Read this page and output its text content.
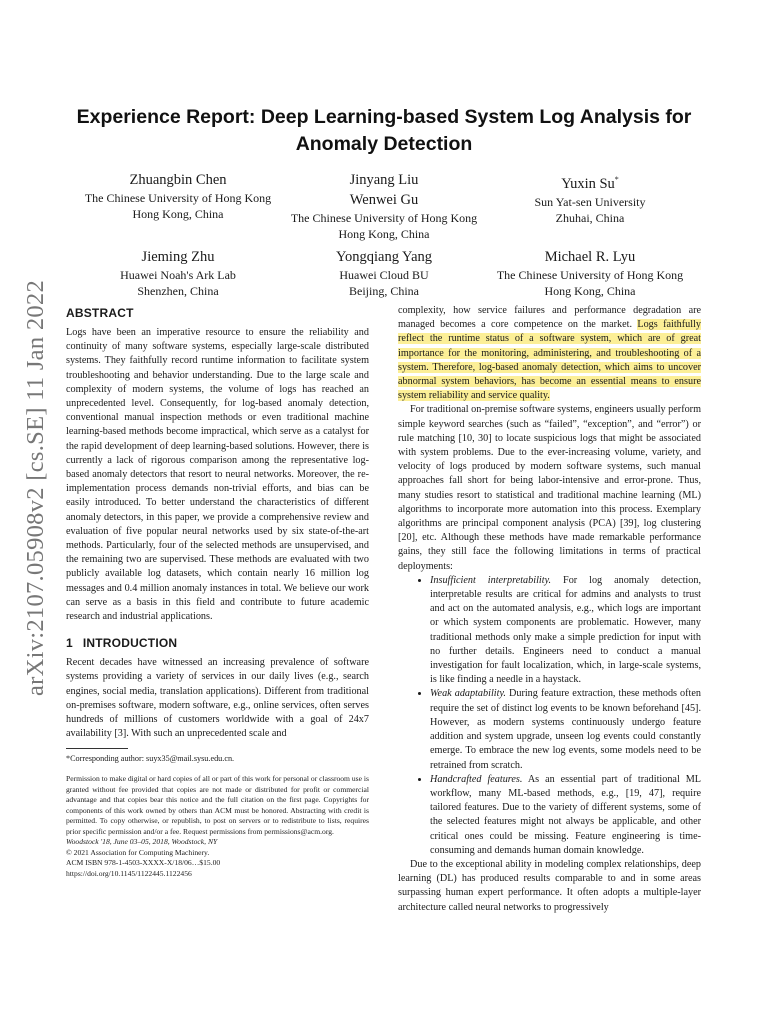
arXiv:2107.05908v2 [cs.SE] 11 Jan 2022
Experience Report: Deep Learning-based System Log Analysis for Anomaly Detection
Zhuangbin Chen
The Chinese University of Hong Kong
Hong Kong, China
Jinyang Liu
Wenwei Gu
The Chinese University of Hong Kong
Hong Kong, China
Yuxin Su*
Sun Yat-sen University
Zhuhai, China
Jieming Zhu
Huawei Noah's Ark Lab
Shenzhen, China
Yongqiang Yang
Huawei Cloud BU
Beijing, China
Michael R. Lyu
The Chinese University of Hong Kong
Hong Kong, China
ABSTRACT

Logs have been an imperative resource to ensure the reliability and continuity of many software systems, especially large-scale distributed systems. They faithfully record runtime information to facilitate system troubleshooting and behavior understanding. Due to the large scale and complexity of modern systems, the volume of logs has reached an unprecedented level. Consequently, for log-based anomaly detection, conventional manual inspection methods or even traditional machine learning-based methods become impractical, which serve as a catalyst for the rapid development of deep learning-based solutions. However, there is currently a lack of rigorous comparison among the representative log-based anomaly detectors that resort to neural networks. Moreover, the re-implementation process demands non-trivial efforts, and bias can be easily introduced. To better understand the characteristics of different anomaly detectors, in this paper, we provide a comprehensive review and evaluation of five popular neural networks used by six state-of-the-art methods. Particularly, four of the selected methods are unsupervised, and the remaining two are supervised. These methods are evaluated with two publicly available log datasets, which contain nearly 16 million log messages and 0.4 million anomaly instances in total. We believe our work can serve as a basis in this field and contribute to future academic research and industrial applications.

1 INTRODUCTION

Recent decades have witnessed an increasing prevalence of software systems providing a variety of services in our daily lives (e.g., search engines, social media, translation applications). Different from traditional on-premises software, modern software, e.g., online services, often serves hundreds of millions of customers worldwide with a goal of 24x7 availability [3]. With such an unprecedented scale and

*Corresponding author: suyx35@mail.sysu.edu.cn.

Permission to make digital or hard copies of all or part of this work for personal or classroom use is granted without fee provided that copies are not made or distributed for profit or commercial advantage and that copies bear this notice and the full citation on the first page. Copyrights for components of this work owned by others than ACM must be honored. Abstracting with credit is permitted. To copy otherwise, or republish, to post on servers or to redistribute to lists, requires prior specific permission and/or a fee. Request permissions from permissions@acm.org.

Woodstock '18, June 03–05, 2018, Woodstock, NY

© 2021 Association for Computing Machinery.

ACM ISBN 978-1-4503-XXXX-X/18/06…$15.00

https://doi.org/10.1145/1122445.1122456

complexity, how service failures and performance degradation are managed becomes a core competence on the market. Logs faithfully reflect the runtime status of a software system, which are of great importance for the monitoring, administering, and troubleshooting of a system. Therefore, log-based anomaly detection, which aims to uncover abnormal system behaviors, has become an essential means to ensure system reliability and service quality.

For traditional on-premise software systems, engineers usually perform simple keyword searches (such as “failed”, “exception”, and “error”) or rule matching [10, 30] to locate suspicious logs that might be associated with system problems. Due to the ever-increasing volume, variety, and velocity of logs produced by modern software systems, such manual approaches fall short for being labor-intensive and error-prone. Thus, many studies resort to statistical and traditional machine learning (ML) algorithms to incorporate more automation into this process. Exemplary algorithms are principal component analysis (PCA) [39], log clustering [20], etc. Although these methods have made remarkable performance gains, they still face the following limitations in terms of practical deployments:

• Insufficient interpretability. For log anomaly detection, interpretable results are critical for admins and analysts to trust and act on the automated analysis, e.g., which logs are important or which system components are problematic. However, many traditional methods only make a simple prediction for input with no further details. Engineers need to conduct a manual investigation for fault localization, which, in large-scale systems, is like finding a needle in a haystack.
• Weak adaptability. During feature extraction, these methods often require the set of distinct log events to be known beforehand [45]. However, as modern systems continuously undergo feature addition and system upgrade, unseen log events could constantly emerge. To embrace the new log events, some models need to be retrained from scratch.
• Handcrafted features. As an essential part of traditional ML workflow, many ML-based methods, e.g., [19, 47], require tailored features. Due to the variety of different systems, some of the selected features might not always be applicable, and other critical ones could be missing. Feature engineering is time-consuming and demands human domain knowledge.

Due to the exceptional ability in modeling complex relationships, deep learning (DL) has produced results comparable to and in some areas surpassing human expert performance. It often adopts a multiple-layer architecture called neural networks to progressively
